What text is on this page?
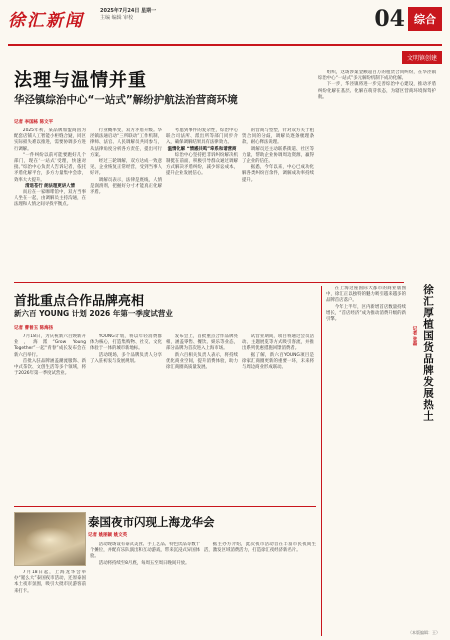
徐汇新闻	2025年7月24日 星期一
主编 编辑 审校	04 综合
文明镇创建
法理与温情并重
华泾镇综治中心“一站式”解纷护航法治营商环境
记者 李国栋 陈文平

2025年初，某品牌加盟商因为配套店铺人工智能小柜缝合疑，同区实际损失难以推进，需要协调多方进行调解。

“一件纠纷以前可能要跑好几个部门，现在‘一站式’受理，快速对接。”综治中心负责人告诉记者，依托矛盾化解平台，多方力量集中会诊，效率大大提升。

清退苍行 朗法理更讲人情

而后在一家咖啡馆中，双方当事人坐在一起，由调解员主持沟通，在法理和人情之间寻找平衡点。

行业概率变，双方矛盾升级。华泾镇法通启动“三所联动”工作机制，律师、法官、人民调解员共同参与，从法律角度分析各方责任，提出可行方案。

经过三轮调解，双方达成一致意见，企业恢复正常经营，受到当事人好评。

调解员表示，法律是底线，人情是润滑剂，把握好分寸才能真正化解矛盾。

考虑到事件的复杂性，综治中心联合司法所、派出所等部门同步介入，确保调解结果具有法律效力。

温情化解 “情感共鸣”牵系和谐营商

综治中心坚持把非诉纠纷解决机制挺在前面，积极引导群众通过调解方式解决矛盾纠纷，减少诉讼成本，提升企业发展信心。

的营商与型塑，针对双方关于租赁合同的分歧，调解员逐条梳理条款，耐心释法说理。

调解员还主动联系街道、社区等力量，帮助企业协调周边资源，赢得了企业的信任。

据悉，今年以来，中心已成功化解各类纠纷百余件，调解成功率持续提升。

组织，这场涉案金额超百万的租赁合同纠纷，在华泾镇综治中心“一站式”多元解纷机制下成功化解。

下一步，华泾镇将进一步完善综治中心建设，推动矛盾纠纷化解在基层、化解在萌芽状态，为辖区营商环境保驾护航。

首批重点合作品牌亮相
新六百 YOUNG 计划 2026 年第一季度试营业
记者 曹普玉 陈海扬

7月18日，为庆祝新六百焕新开业，海派“Grow Young Together”一起“青春”成长发布会在新六百举行。

首批入驻品牌涵盖潮流服饰、新中式茶饮、文创生活等多个领域，将于2026年第一季度试营业。

YOUNG计划，将以年轻消费群体为核心，打造集购物、社交、文化体验于一体的城市新地标。

活动现场，多个品牌负责人分享了入驻初衷与发展规划。

发布会上，首批重点合作品牌亮相，涵盖零售、餐饮、娱乐等业态，部分品牌为首次进入上海市场。

新六百相关负责人表示，将持续优化商业空间，提升消费体验，助力徐汇商圈高质量发展。

试营业期间，项目将通过会员活动、主题展览等方式吸引客流，并推出系列优惠措施回馈消费者。

据了解，新六百YOUNG项目是徐家汇商圈更新的重要一环，未来将与周边商业形成联动。

在上海这座国际大都市的商业版图中，徐汇正以独特的魅力吸引越来越多的品牌首店落户。

今年上半年，区内新增首店数量持续增长，“首店经济”成为推动消费升级的新引擎。	徐汇厚植国货品牌发展热土
记者 张磊
泰国夜市闪现上海龙华会
记者 姚丽颖 姚文英

7月18日起，上海龙华会举办“暹么大”泰国夜市活动，还原泰国本土夜市氛围，吸引大批市民游客前来打卡。

活动现场设有泰式美食、手工艺品、特色饮品等数十个摊位，并配有乐队演出和互动游戏，带来沉浸式异国体验。

活动将持续至8月底，每周五至周日晚间开放。

据主办方介绍，此次夜市活动旨在丰富市民夜间生活，激发区域消费活力，打造徐汇夜经济新名片。

（本版编辑：王）
